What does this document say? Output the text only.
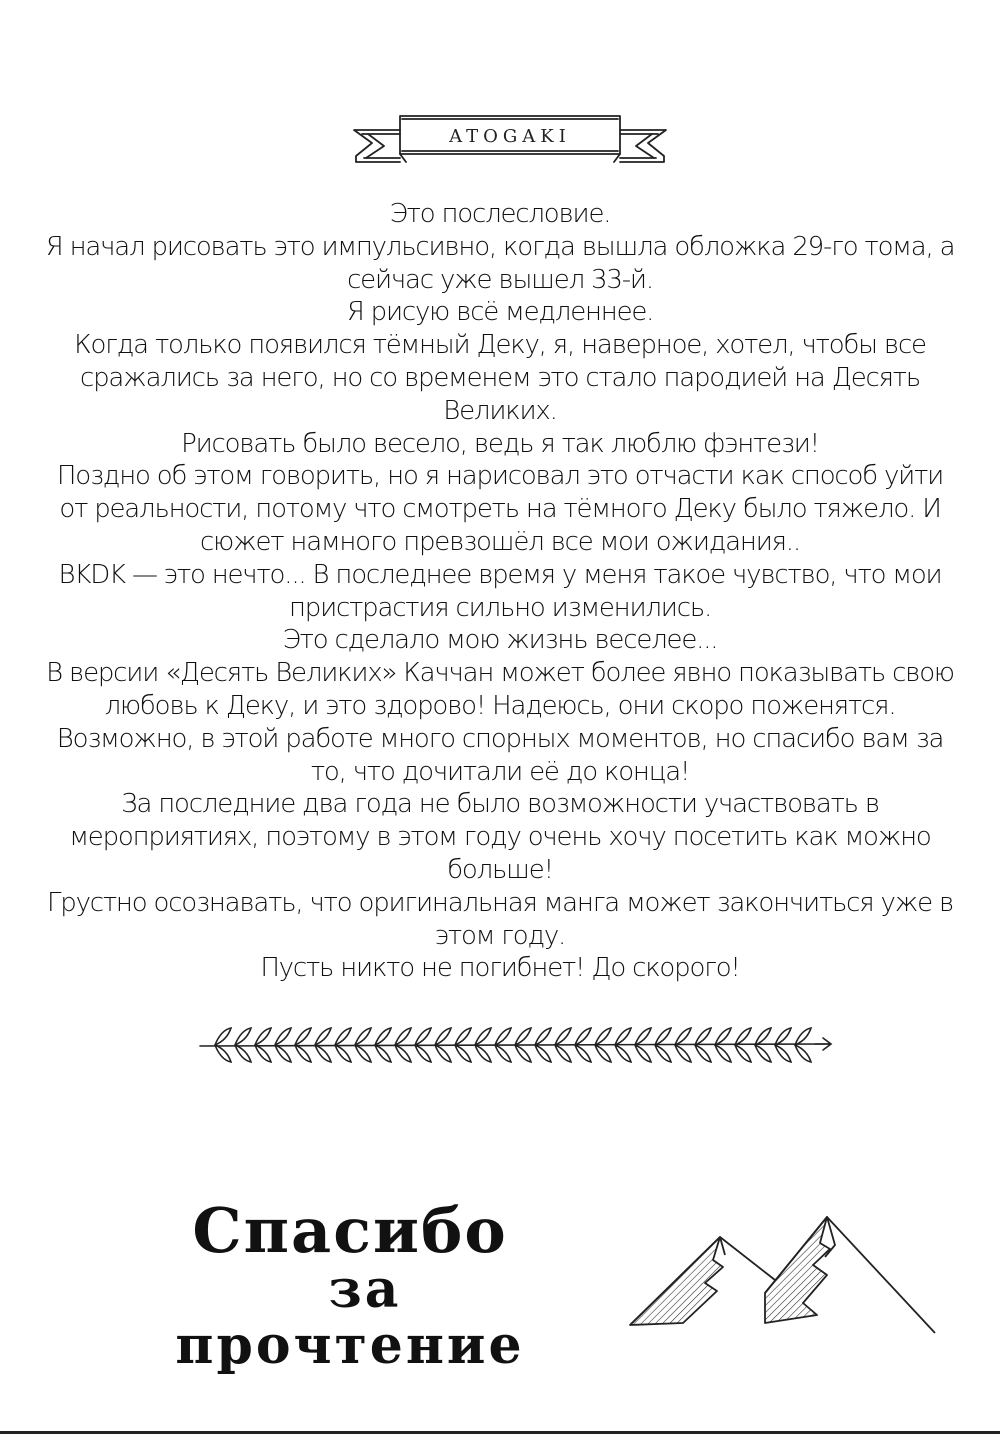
ATOGAKI

Это послесловие.

Я начал рисовать это импульсивно, когда вышла обложка 29-го тома, а сейчас уже вышел 33-й.

Я рисую всё медленнее.

Когда только появился тёмный Деку, я, наверное, хотел, чтобы все сражались за него, но со временем это стало пародией на Десять Великих.

Рисовать было весело, ведь я так люблю фэнтези!

Поздно об этом говорить, но я нарисовал это отчасти как способ уйти от реальности, потому что смотреть на тёмного Деку было тяжело. И сюжет намного превзошёл все мои ожидания..

BKDK — это нечто... В последнее время у меня такое чувство, что мои пристрастия сильно изменились.

Это сделало мою жизнь веселее...

В версии «Десять Великих» Каччан может более явно показывать свою любовь к Деку, и это здорово! Надеюсь, они скоро поженятся.

Возможно, в этой работе много спорных моментов, но спасибо вам за то, что дочитали её до конца!

За последние два года не было возможности участвовать в мероприятиях, поэтому в этом году очень хочу посетить как можно больше!

Грустно осознавать, что оригинальная манга может закончиться уже в этом году.

Пусть никто не погибнет! До скорого!

Спасибо
за
прочтение
